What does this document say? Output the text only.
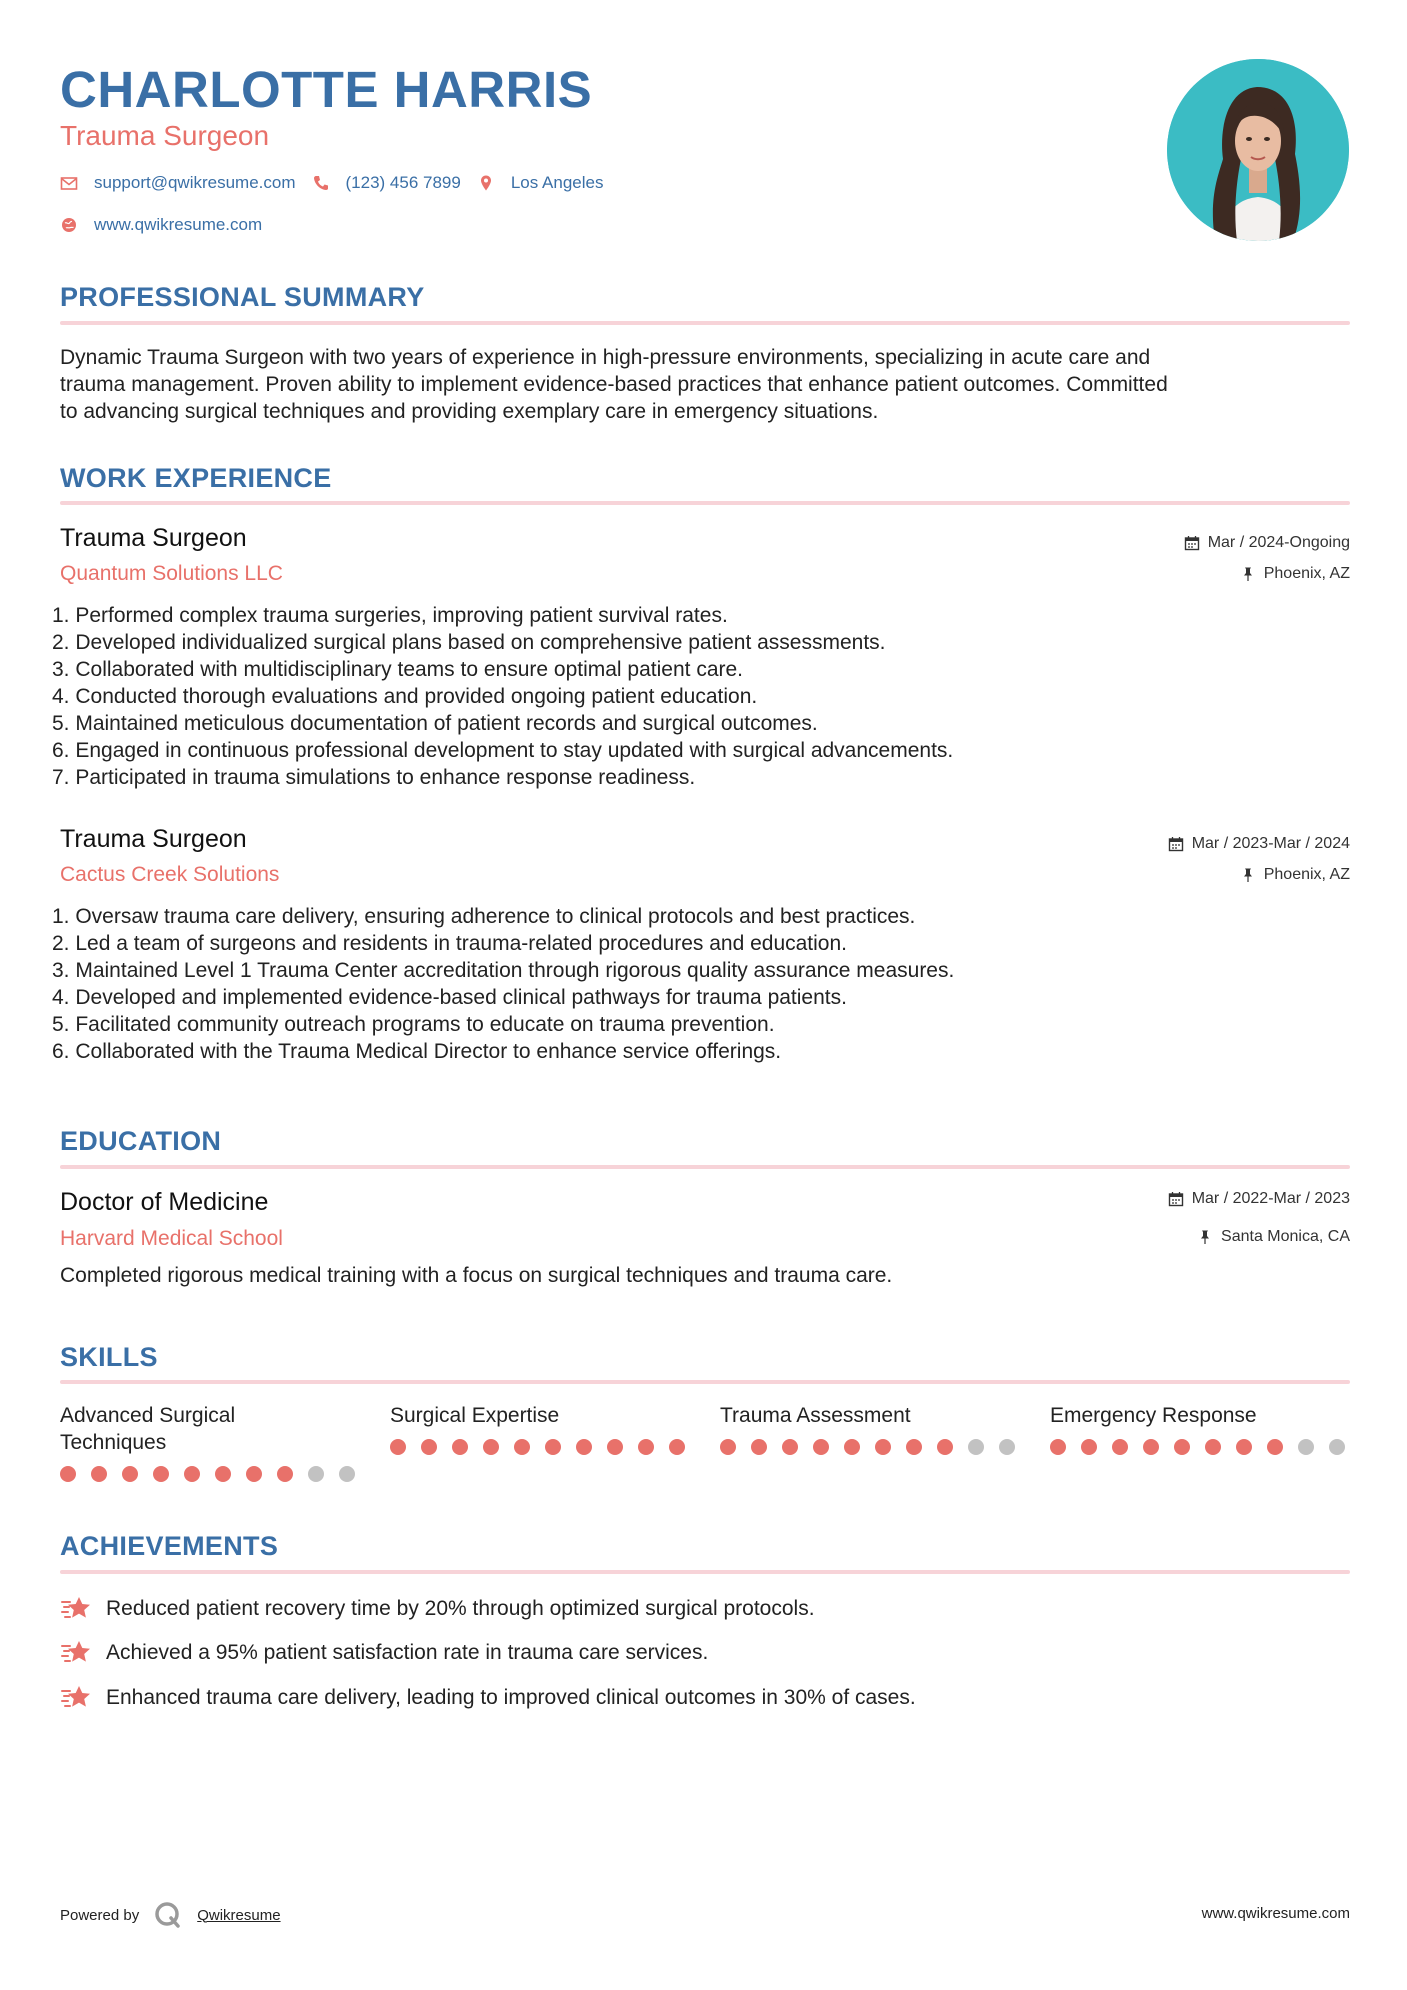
CHARLOTTE HARRIS
Trauma Surgeon
support@qwikresume.com	(123) 456 7899	Los Angeles
www.qwikresume.com
PROFESSIONAL SUMMARY
Dynamic Trauma Surgeon with two years of experience in high-pressure environments, specializing in acute care and
trauma management. Proven ability to implement evidence-based practices that enhance patient outcomes. Committed
to advancing surgical techniques and providing exemplary care in emergency situations.
WORK EXPERIENCE
Trauma Surgeon
Quantum Solutions LLC
Mar / 2024-Ongoing
Phoenix, AZ
1. Performed complex trauma surgeries, improving patient survival rates.
2. Developed individualized surgical plans based on comprehensive patient assessments.
3. Collaborated with multidisciplinary teams to ensure optimal patient care.
4. Conducted thorough evaluations and provided ongoing patient education.
5. Maintained meticulous documentation of patient records and surgical outcomes.
6. Engaged in continuous professional development to stay updated with surgical advancements.
7. Participated in trauma simulations to enhance response readiness.
Trauma Surgeon
Cactus Creek Solutions
Mar / 2023-Mar / 2024
Phoenix, AZ
1. Oversaw trauma care delivery, ensuring adherence to clinical protocols and best practices.
2. Led a team of surgeons and residents in trauma-related procedures and education.
3. Maintained Level 1 Trauma Center accreditation through rigorous quality assurance measures.
4. Developed and implemented evidence-based clinical pathways for trauma patients.
5. Facilitated community outreach programs to educate on trauma prevention.
6. Collaborated with the Trauma Medical Director to enhance service offerings.
EDUCATION
Doctor of Medicine
Harvard Medical School
Mar / 2022-Mar / 2023
Santa Monica, CA
Completed rigorous medical training with a focus on surgical techniques and trauma care.
SKILLS
Advanced Surgical
Techniques
Surgical Expertise	Trauma Assessment	Emergency Response
ACHIEVEMENTS
Reduced patient recovery time by 20% through optimized surgical protocols.
Achieved a 95% patient satisfaction rate in trauma care services.
Enhanced trauma care delivery, leading to improved clinical outcomes in 30% of cases.
Powered by	Qwikresume	www.qwikresume.com
